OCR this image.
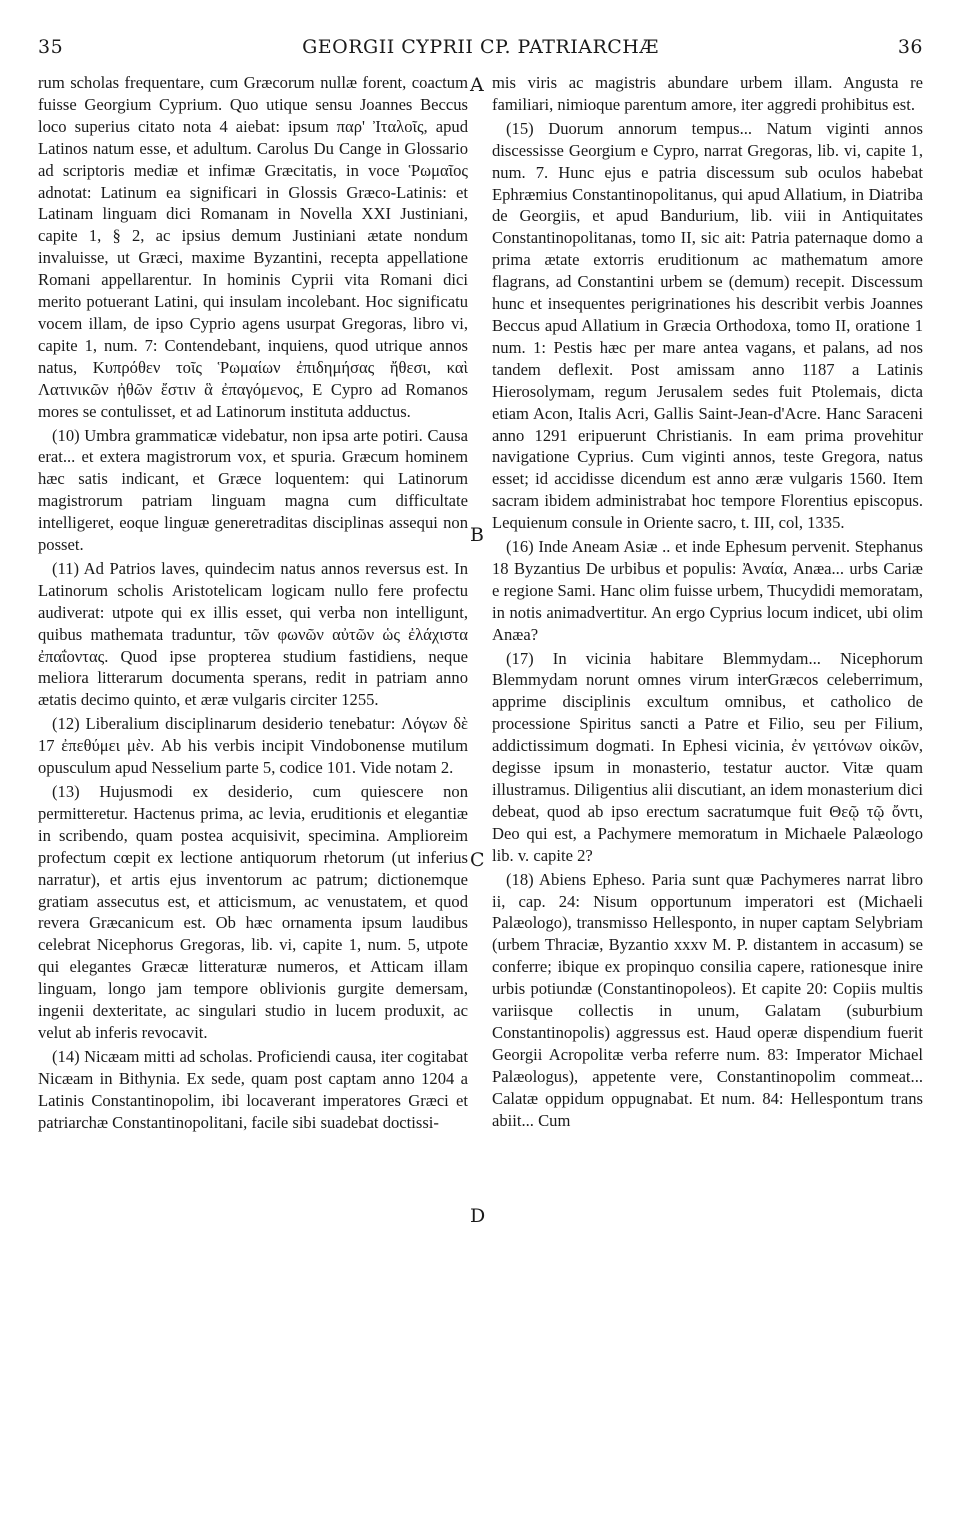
35	GEORGII CYPRII CP. PATRIARCHÆ	36

rum scholas frequentare, cum Græcorum nullæ forent, coactum fuisse Georgium Cyprium. Quo utique sensu Joannes Beccus loco superius citato nota 4 aiebat: ipsum παρ' Ἰταλοῖς, apud Latinos natum esse, et adultum. Carolus Du Cange in Glossario ad scriptoris mediæ et infimæ Græcitatis, in voce Ῥωμαῖος adnotat: Latinum ea significari in Glossis Græco-Latinis: et Latinam linguam dici Romanam in Novella XXI Justiniani, capite 1, § 2, ac ipsius demum Justiniani ætate nondum invaluisse, ut Græci, maxime Byzantini, recepta appellatione Romani appellarentur. In hominis Cyprii vita Romani dici merito potuerant Latini, qui insulam incolebant. Hoc significatu vocem illam, de ipso Cyprio agens usurpat Gregoras, libro vi, capite 1, num. 7: Contendebant, inquiens, quod utrique annos natus, Κυπρόθεν τοῖς Ῥωμαίων ἐπιδημήσας ἤθεσι, καὶ Λατινικῶν ἠθῶν ἔστιν ἃ ἐπαγόμενος, E Cypro ad Romanos mores se contulisset, et ad Latinorum instituta adductus.

(10) Umbra grammaticæ videbatur, non ipsa arte potiri. Causa erat... et extera magistrorum vox, et spuria. Græcum hominem hæc satis indicant, et Græce loquentem: qui Latinorum magistrorum patriam linguam magna cum difficultate intelligeret, eoque linguæ generetraditas disciplinas assequi non posset.

(11) Ad Patrios laves, quindecim natus annos reversus est. In Latinorum scholis Aristotelicam logicam nullo fere profectu audiverat: utpote qui ex illis esset, qui verba non intelligunt, quibus mathemata traduntur, τῶν φωνῶν αὐτῶν ὡς ἐλάχιστα ἐπαΐοντας. Quod ipse propterea studium fastidiens, neque meliora litterarum documenta sperans, redit in patriam anno ætatis decimo quinto, et æræ vulgaris circiter 1255.

(12) Liberalium disciplinarum desiderio tenebatur: Λόγων δὲ 17 ἐπεθύμει μὲν. Ab his verbis incipit Vindobonense mutilum opusculum apud Nesselium parte 5, codice 101. Vide notam 2.

(13) Hujusmodi ex desiderio, cum quiescere non permitteretur. Hactenus prima, ac levia, eruditionis et elegantiæ in scribendo, quam postea acquisivit, specimina. Amplioreim profectum cœpit ex lectione antiquorum rhetorum (ut inferius narratur), et artis ejus inventorum ac patrum; dictionemque gratiam assecutus est, et atticismum, ac venustatem, et quod revera Græcanicum est. Ob hæc ornamenta ipsum laudibus celebrat Nicephorus Gregoras, lib. vi, capite 1, num. 5, utpote qui elegantes Græcæ litteraturæ numeros, et Atticam illam linguam, longo jam tempore oblivionis gurgite demersam, ingenii dexteritate, ac singulari studio in lucem produxit, ac velut ab inferis revocavit.

(14) Nicæam mitti ad scholas. Proficiendi causa, iter cogitabat Nicæam in Bithynia. Ex sede, quam post captam anno 1204 a Latinis Constantinopolim, ibi locaverant imperatores Græci et patriarchæ Constantinopolitani, facile sibi suadebat doctissi-

A
B
C
D

mis viris ac magistris abundare urbem illam. Angusta re familiari, nimioque parentum amore, iter aggredi prohibitus est.

(15) Duorum annorum tempus... Natum viginti annos discessisse Georgium e Cypro, narrat Gregoras, lib. vi, capite 1, num. 7. Hunc ejus e patria discessum sub oculos habebat Ephræmius Constantinopolitanus, qui apud Allatium, in Diatriba de Georgiis, et apud Bandurium, lib. viii in Antiquitates Constantinopolitanas, tomo II, sic ait: Patria paternaque domo a prima ætate extorris eruditionum ac mathematum amore flagrans, ad Constantini urbem se (demum) recepit. Discessum hunc et insequentes perigrinationes his describit verbis Joannes Beccus apud Allatium in Græcia Orthodoxa, tomo II, oratione 1 num. 1: Pestis hæc per mare antea vagans, et palans, ad nos tandem deflexit. Post amissam anno 1187 a Latinis Hierosolymam, regum Jerusalem sedes fuit Ptolemais, dicta etiam Acon, Italis Acri, Gallis Saint-Jean-d'Acre. Hanc Saraceni anno 1291 eripuerunt Christianis. In eam prima provehitur navigatione Cyprius. Cum viginti annos, teste Gregora, natus esset; id accidisse dicendum est anno æræ vulgaris 1560. Item sacram ibidem administrabat hoc tempore Florentius episcopus. Lequienum consule in Oriente sacro, t. III, col, 1335.

(16) Inde Aneam Asiæ .. et inde Ephesum pervenit. Stephanus 18 Byzantius De urbibus et populis: Ἀναία, Anæa... urbs Cariæ e regione Sami. Hanc olim fuisse urbem, Thucydidi memoratam, in notis animadvertitur. An ergo Cyprius locum indicet, ubi olim Anæa?

(17) In vicinia habitare Blemmydam... Nicephorum Blemmydam norunt omnes virum interGræcos celeberrimum, apprime disciplinis excultum omnibus, et catholico de processione Spiritus sancti a Patre et Filio, seu per Filium, addictissimum dogmati. In Ephesi vicinia, ἐν γειτόνων οἰκῶν, degisse ipsum in monasterio, testatur auctor. Vitæ quam illustramus. Diligentius alii discutiant, an idem monasterium dici debeat, quod ab ipso erectum sacratumque fuit Θεῷ τῷ ὄντι, Deo qui est, a Pachymere memoratum in Michaele Palæologo lib. v. capite 2?

(18) Abiens Epheso. Paria sunt quæ Pachymeres narrat libro ii, cap. 24: Nisum opportunum imperatori est (Michaeli Palæologo), transmisso Hellesponto, in nuper captam Selybriam (urbem Thraciæ, Byzantio xxxv M. P. distantem in accasum) se conferre; ibique ex propinquo consilia capere, rationesque inire urbis potiundæ (Constantinopoleos). Et capite 20: Copiis multis variisque collectis in unum, Galatam (suburbium Constantinopolis) aggressus est. Haud operæ dispendium fuerit Georgii Acropolitæ verba referre num. 83: Imperator Michael Palæologus), appetente vere, Constantinopolim commeat... Calatæ oppidum oppugnabat. Et num. 84: Hellespontum trans abiit... Cum
